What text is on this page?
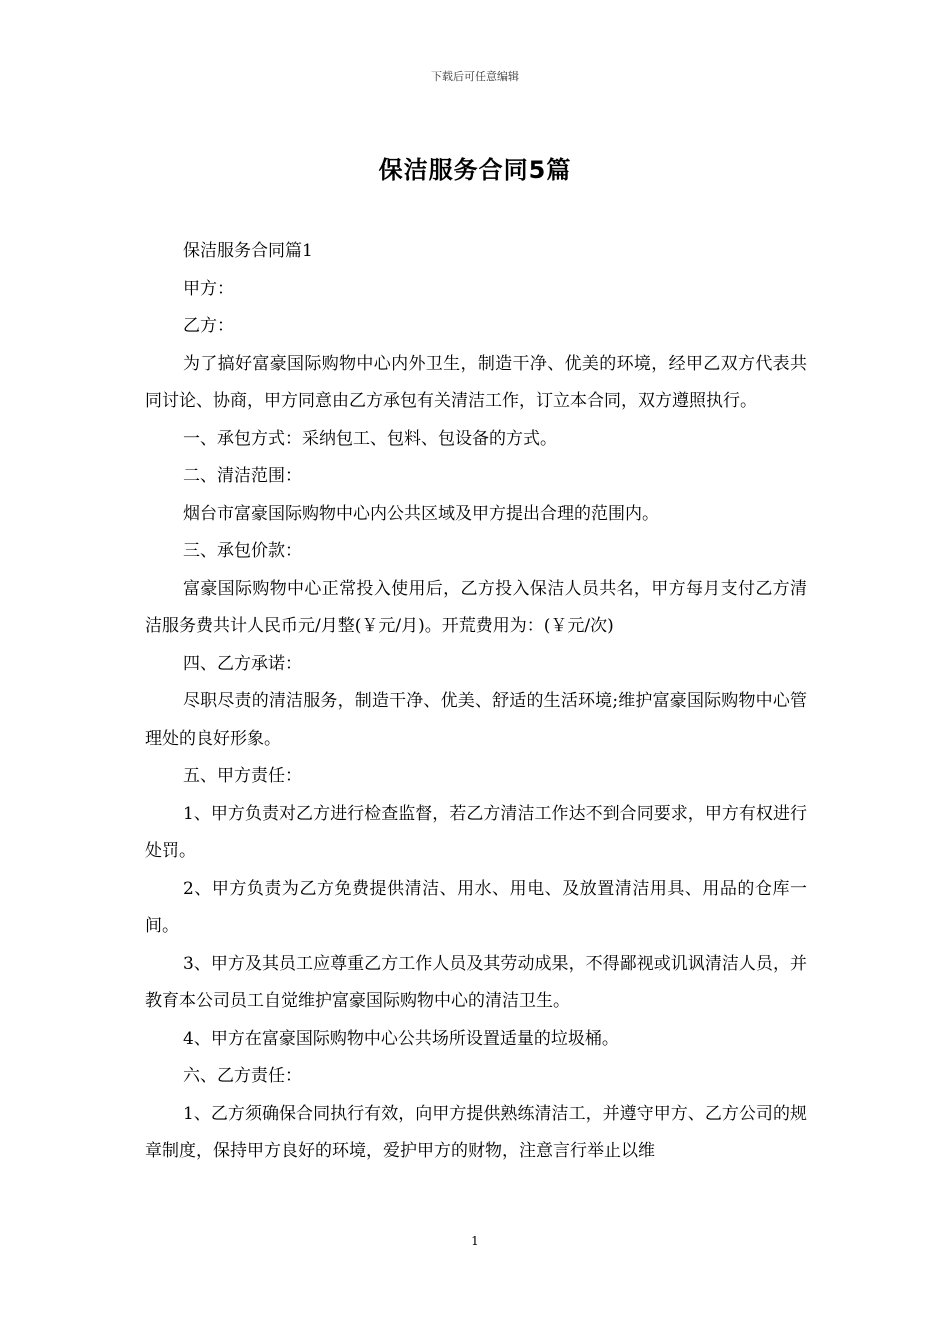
下载后可任意编辑
保洁服务合同5篇

保洁服务合同篇1

甲方：

乙方：

为了搞好富豪国际购物中心内外卫生，制造干净、优美的环境，经甲乙双方代表共同讨论、协商，甲方同意由乙方承包有关清洁工作，订立本合同，双方遵照执行。

一、承包方式：采纳包工、包料、包设备的方式。

二、清洁范围：

烟台市富豪国际购物中心内公共区域及甲方提出合理的范围内。

三、承包价款：

富豪国际购物中心正常投入使用后，乙方投入保洁人员共名，甲方每月支付乙方清洁服务费共计人民币元/月整(￥元/月)。开荒费用为：(￥元/次)

四、乙方承诺：

尽职尽责的清洁服务，制造干净、优美、舒适的生活环境;维护富豪国际购物中心管理处的良好形象。

五、甲方责任：

1、甲方负责对乙方进行检查监督，若乙方清洁工作达不到合同要求，甲方有权进行处罚。

2、甲方负责为乙方免费提供清洁、用水、用电、及放置清洁用具、用品的仓库一间。

3、甲方及其员工应尊重乙方工作人员及其劳动成果，不得鄙视或讥讽清洁人员，并教育本公司员工自觉维护富豪国际购物中心的清洁卫生。

4、甲方在富豪国际购物中心公共场所设置适量的垃圾桶。

六、乙方责任：

1、乙方须确保合同执行有效，向甲方提供熟练清洁工，并遵守甲方、乙方公司的规章制度，保持甲方良好的环境，爱护甲方的财物，注意言行举止以维

1
